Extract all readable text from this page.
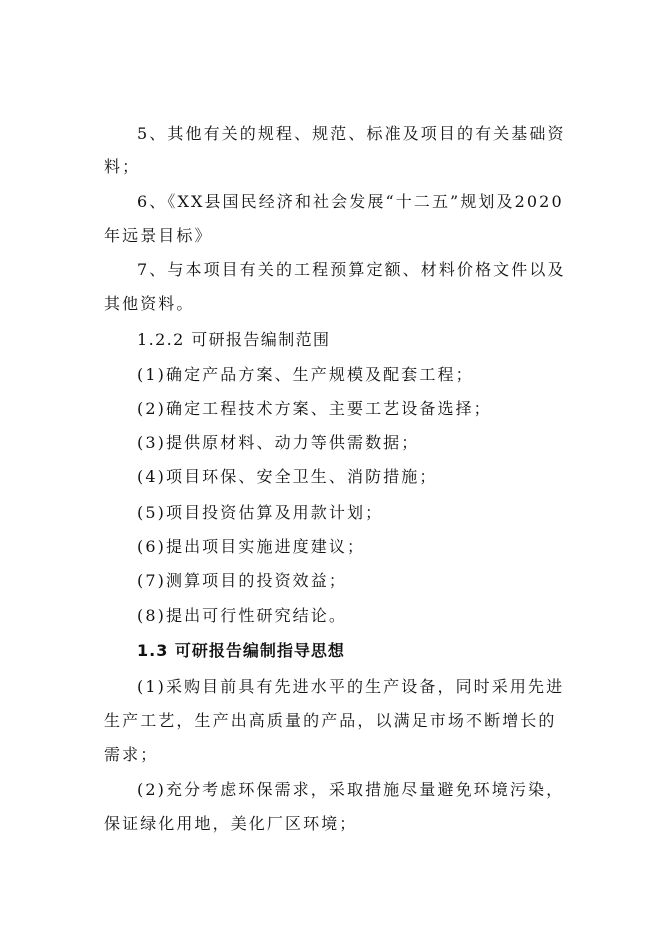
5、其他有关的规程、规范、标准及项目的有关基础资
料；
6、《XX县国民经济和社会发展“十二五”规划及2020
年远景目标》
7、与本项目有关的工程预算定额、材料价格文件以及
其他资料。
1.2.2 可研报告编制范围
(1)确定产品方案、生产规模及配套工程；
(2)确定工程技术方案、主要工艺设备选择；
(3)提供原材料、动力等供需数据；
(4)项目环保、安全卫生、消防措施；
(5)项目投资估算及用款计划；
(6)提出项目实施进度建议；
(7)测算项目的投资效益；
(8)提出可行性研究结论。
1.3 可研报告编制指导思想
(1)采购目前具有先进水平的生产设备，同时采用先进
生产工艺，生产出高质量的产品，以满足市场不断增长的
需求；
(2)充分考虑环保需求，采取措施尽量避免环境污染，
保证绿化用地，美化厂区环境；
